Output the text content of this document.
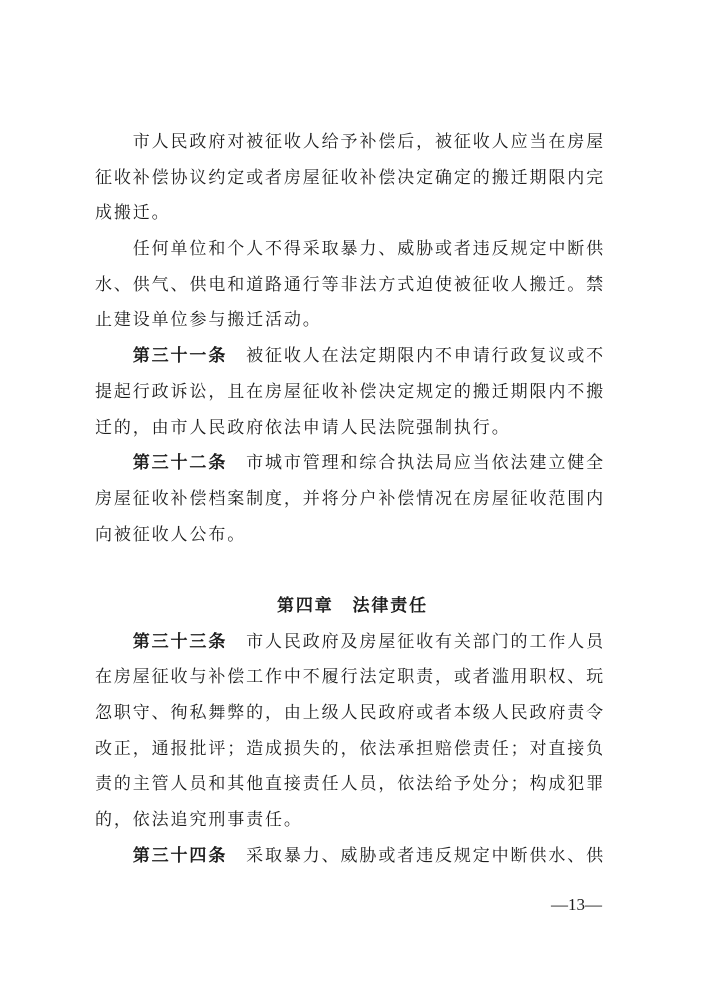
市人民政府对被征收人给予补偿后，被征收人应当在房屋
征收补偿协议约定或者房屋征收补偿决定确定的搬迁期限内完
成搬迁。
任何单位和个人不得采取暴力、威胁或者违反规定中断供
水、供气、供电和道路通行等非法方式迫使被征收人搬迁。禁
止建设单位参与搬迁活动。
第三十一条 被征收人在法定期限内不申请行政复议或不
提起行政诉讼，且在房屋征收补偿决定规定的搬迁期限内不搬
迁的，由市人民政府依法申请人民法院强制执行。
第三十二条 市城市管理和综合执法局应当依法建立健全
房屋征收补偿档案制度，并将分户补偿情况在房屋征收范围内
向被征收人公布。
第四章　法律责任
第三十三条 市人民政府及房屋征收有关部门的工作人员
在房屋征收与补偿工作中不履行法定职责，或者滥用职权、玩
忽职守、徇私舞弊的，由上级人民政府或者本级人民政府责令
改正，通报批评；造成损失的，依法承担赔偿责任；对直接负
责的主管人员和其他直接责任人员，依法给予处分；构成犯罪
的，依法追究刑事责任。
第三十四条 采取暴力、威胁或者违反规定中断供水、供
—13—
